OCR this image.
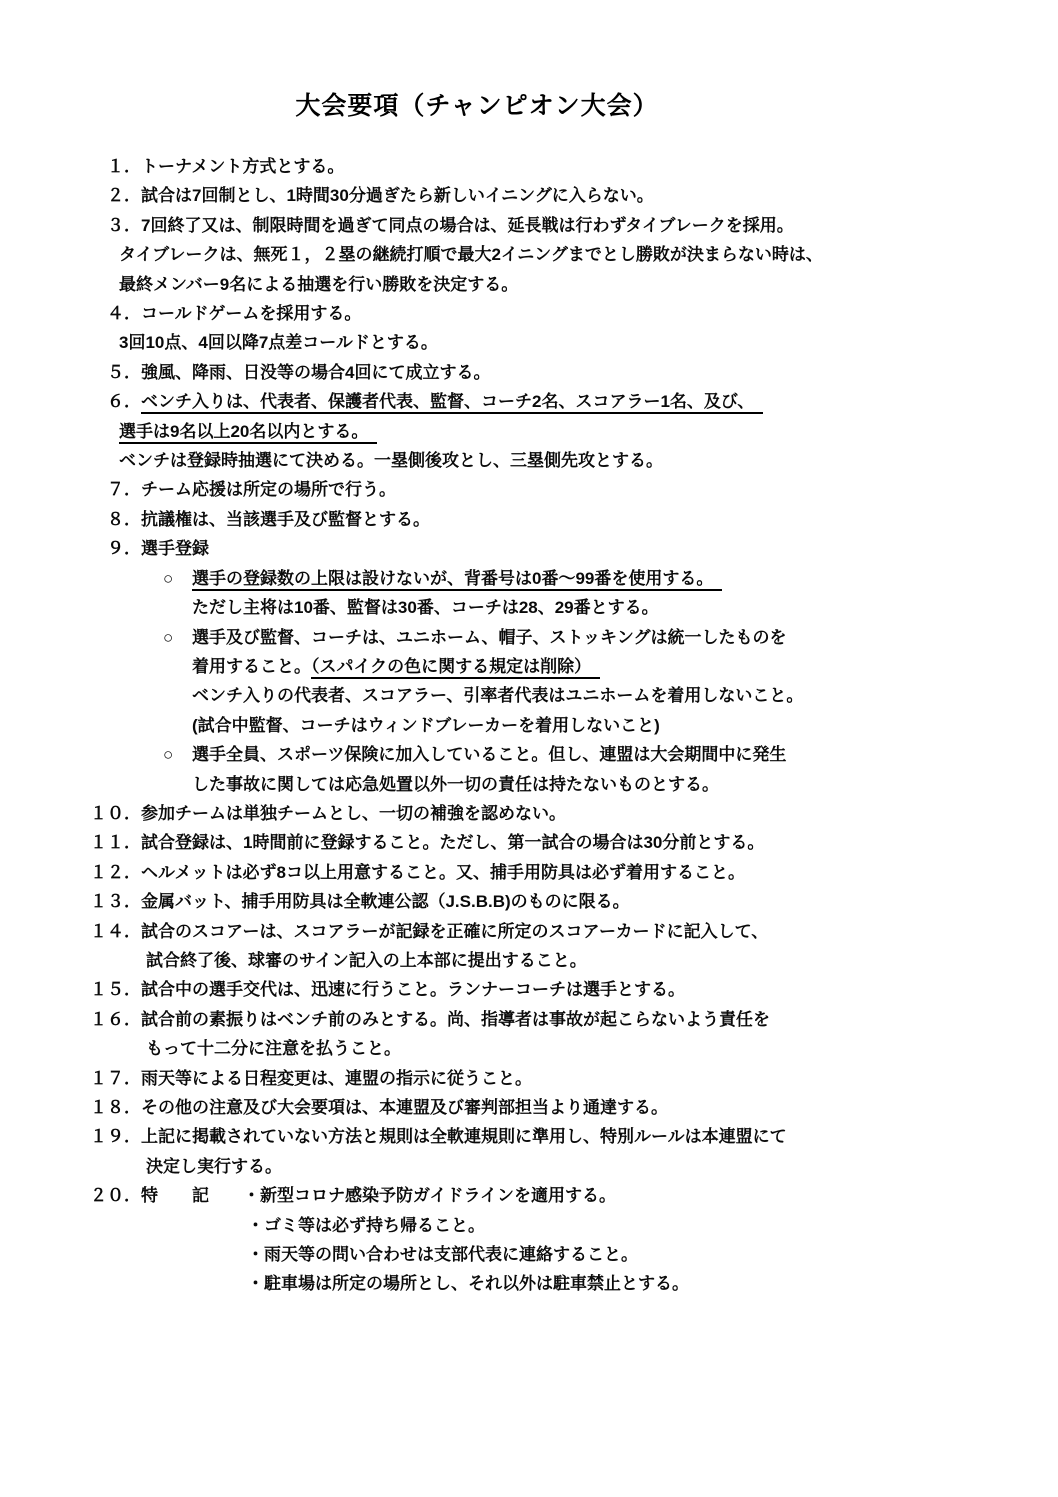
大会要項（チャンピオン大会）
１．トーナメント方式とする。
２．試合は7回制とし、1時間30分過ぎたら新しいイニングに入らない。
３．7回終了又は、制限時間を過ぎて同点の場合は、延長戦は行わずタイブレークを採用。
タイブレークは、無死１，２塁の継続打順で最大2イニングまでとし勝敗が決まらない時は、
最終メンバー9名による抽選を行い勝敗を決定する。
４．コールドゲームを採用する。
3回10点、4回以降7点差コールドとする。
５．強風、降雨、日没等の場合4回にて成立する。
６．ベンチ入りは、代表者、保護者代表、監督、コーチ2名、スコアラー1名、及び、　
選手は9名以上20名以内とする。　
ベンチは登録時抽選にて決める。一塁側後攻とし、三塁側先攻とする。
７．チーム応援は所定の場所で行う。
８．抗議権は、当該選手及び監督とする。
９．選手登録
○ 選手の登録数の上限は設けないが、背番号は0番～99番を使用する。　
ただし主将は10番、監督は30番、コーチは28、29番とする。
○ 選手及び監督、コーチは、ユニホーム、帽子、ストッキングは統一したものを
着用すること。（スパイクの色に関する規定は削除）　
ベンチ入りの代表者、スコアラー、引率者代表はユニホームを着用しないこと。
(試合中監督、コーチはウィンドブレーカーを着用しないこと)
○ 選手全員、スポーツ保険に加入していること。但し、連盟は大会期間中に発生
した事故に関しては応急処置以外一切の責任は持たないものとする。
１０．参加チームは単独チームとし、一切の補強を認めない。
１１．試合登録は、1時間前に登録すること。ただし、第一試合の場合は30分前とする。
１２．ヘルメットは必ず8コ以上用意すること。又、捕手用防具は必ず着用すること。
１３．金属バット、捕手用防具は全軟連公認（J.S.B.B)のものに限る。
１４．試合のスコアーは、スコアラーが記録を正確に所定のスコアーカードに記入して、
試合終了後、球審のサイン記入の上本部に提出すること。
１５．試合中の選手交代は、迅速に行うこと。ランナーコーチは選手とする。
１６．試合前の素振りはベンチ前のみとする。尚、指導者は事故が起こらないよう責任を
もって十二分に注意を払うこと。
１７．雨天等による日程変更は、連盟の指示に従うこと。
１８．その他の注意及び大会要項は、本連盟及び審判部担当より通達する。
１９．上記に掲載されていない方法と規則は全軟連規則に準用し、特別ルールは本連盟にて
決定し実行する。
２０．特　　記　　・新型コロナ感染予防ガイドラインを適用する。
・ゴミ等は必ず持ち帰ること。
・雨天等の問い合わせは支部代表に連絡すること。
・駐車場は所定の場所とし、それ以外は駐車禁止とする。
